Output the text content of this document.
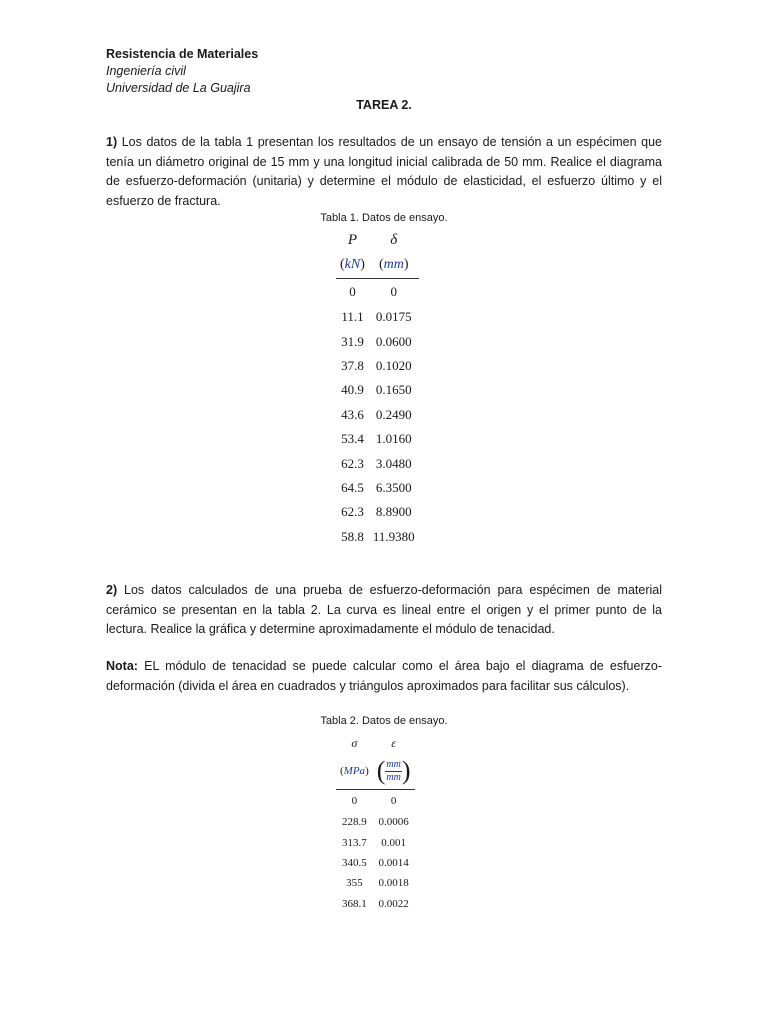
Resistencia de Materiales
Ingeniería civil
Universidad de La Guajira
TAREA 2.

1) Los datos de la tabla 1 presentan los resultados de un ensayo de tensión a un espécimen que tenía un diámetro original de 15 mm y una longitud inicial calibrada de 50 mm. Realice el diagrama de esfuerzo-deformación (unitaria) y determine el módulo de elasticidad, el esfuerzo último y el esfuerzo de fractura.

Tabla 1. Datos de ensayo.
P	δ
(kN)	(mm)
0	0
11.1	0.0175
31.9	0.0600
37.8	0.1020
40.9	0.1650
43.6	0.2490
53.4	1.0160
62.3	3.0480
64.5	6.3500
62.3	8.8900
58.8	11.9380

2) Los datos calculados de una prueba de esfuerzo-deformación para espécimen de material cerámico se presentan en la tabla 2. La curva es lineal entre el origen y el primer punto de la lectura. Realice la gráfica y determine aproximadamente el módulo de tenacidad.

Nota: EL módulo de tenacidad se puede calcular como el área bajo el diagrama de esfuerzo-deformación (divida el área en cuadrados y triángulos aproximados para facilitar sus cálculos).

Tabla 2. Datos de ensayo.
σ	ε
(MPa)	( $\frac{mm}{mm}$ )
0	0
228.9	0.0006
313.7	0.001
340.5	0.0014
355	0.0018
368.1	0.0022
